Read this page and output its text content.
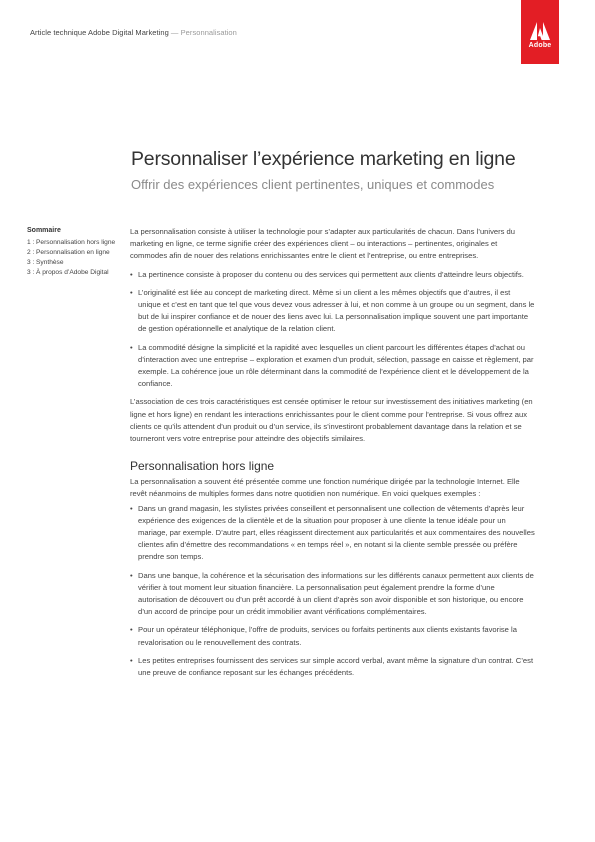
Article technique Adobe Digital Marketing — Personnalisation
Adobe
Personnaliser l’expérience marketing en ligne
Offrir des expériences client pertinentes, uniques et commodes
Sommaire
1 : Personnalisation hors ligne
2 : Personnalisation en ligne
3 : Synthèse
3 : À propos d’Adobe Digital

La personnalisation consiste à utiliser la technologie pour s’adapter aux particularités de chacun. Dans l’univers du marketing en ligne, ce terme signifie créer des expériences client – ou interactions – pertinentes, originales et commodes afin de nouer des relations enrichissantes entre le client et l’entreprise, ou entre entreprises.

• La pertinence consiste à proposer du contenu ou des services qui permettent aux clients d’atteindre leurs objectifs.
• L’originalité est liée au concept de marketing direct. Même si un client a les mêmes objectifs que d’autres, il est unique et c’est en tant que tel que vous devez vous adresser à lui, et non comme à un groupe ou un segment, dans le but de lui inspirer confiance et de nouer des liens avec lui. La personnalisation implique souvent une part importante de gestion opérationnelle et analytique de la relation client.
• La commodité désigne la simplicité et la rapidité avec lesquelles un client parcourt les différentes étapes d’achat ou d’interaction avec une entreprise – exploration et examen d’un produit, sélection, passage en caisse et règlement, par exemple. La cohérence joue un rôle déterminant dans la commodité de l’expérience client et le développement de la confiance.

L’association de ces trois caractéristiques est censée optimiser le retour sur investissement des initiatives marketing (en ligne et hors ligne) en rendant les interactions enrichissantes pour le client comme pour l’entreprise. Si vous offrez aux clients ce qu’ils attendent d’un produit ou d’un service, ils s’investiront probablement davantage dans la relation et se tourneront vers votre entreprise pour atteindre des objectifs similaires.

Personnalisation hors ligne

La personnalisation a souvent été présentée comme une fonction numérique dirigée par la technologie Internet. Elle revêt néanmoins de multiples formes dans notre quotidien non numérique. En voici quelques exemples :

• Dans un grand magasin, les stylistes privées conseillent et personnalisent une collection de vêtements d’après leur expérience des exigences de la clientèle et de la situation pour proposer à une cliente la tenue idéale pour un mariage, par exemple. D’autre part, elles réagissent directement aux particularités et aux commentaires des nouvelles clientes afin d’émettre des recommandations « en temps réel », en notant si la cliente semble pressée ou préfère prendre son temps.
• Dans une banque, la cohérence et la sécurisation des informations sur les différents canaux permettent aux clients de vérifier à tout moment leur situation financière. La personnalisation peut également prendre la forme d’une autorisation de découvert ou d’un prêt accordé à un client d’après son avoir disponible et son historique, ou encore d’un accord de principe pour un crédit immobilier avant vérifications complémentaires.
• Pour un opérateur téléphonique, l’offre de produits, services ou forfaits pertinents aux clients existants favorise la revalorisation ou le renouvellement des contrats.
• Les petites entreprises fournissent des services sur simple accord verbal, avant même la signature d’un contrat. C’est une preuve de confiance reposant sur les échanges précédents.
